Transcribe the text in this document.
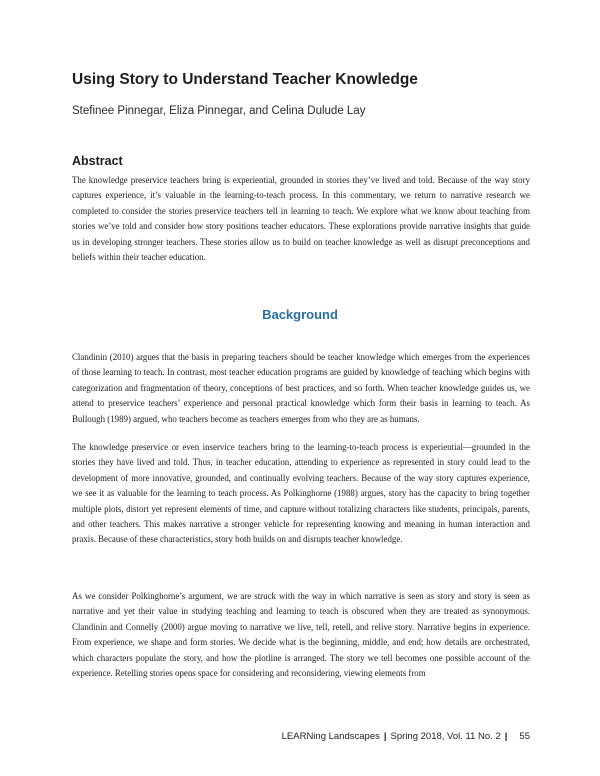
Using Story to Understand Teacher Knowledge

Stefinee Pinnegar, Eliza Pinnegar, and Celina Dulude Lay

Abstract

The knowledge preservice teachers bring is experiential, grounded in stories they’ve lived and told. Because of the way story captures experience, it’s valuable in the learning-to-teach process. In this commentary, we return to narrative research we completed to consider the stories preservice teachers tell in learning to teach. We explore what we know about teaching from stories we’ve told and consider how story positions teacher educators. These explorations provide narrative insights that guide us in developing stronger teachers. These stories allow us to build on teacher knowledge as well as disrupt preconceptions and beliefs within their teacher education.

Background

Clandinin (2010) argues that the basis in preparing teachers should be teacher knowledge which emerges from the experiences of those learning to teach. In contrast, most teacher education programs are guided by knowledge of teaching which begins with categorization and fragmentation of theory, conceptions of best practices, and so forth. When teacher knowledge guides us, we attend to preservice teachers’ experience and personal practical knowledge which form their basis in learning to teach. As Bullough (1989) argued, who teachers become as teachers emerges from who they are as humans.

The knowledge preservice or even inservice teachers bring to the learning-to-teach process is experiential—grounded in the stories they have lived and told. Thus, in teacher education, attending to experience as represented in story could lead to the development of more innovative, grounded, and continually evolving teachers. Because of the way story captures experience, we see it as valuable for the learning to teach process. As Polkinghorne (1988) argues, story has the capacity to bring together multiple plots, distort yet represent elements of time, and capture without totalizing characters like students, principals, parents, and other teachers. This makes narrative a stronger vehicle for representing knowing and meaning in human interaction and praxis. Because of these characteristics, story both builds on and disrupts teacher knowledge.

As we consider Polkinghorne’s argument, we are struck with the way in which narrative is seen as story and story is seen as narrative and yet their value in studying teaching and learning to teach is obscured when they are treated as synonymous. Clandinin and Connelly (2000) argue moving to narrative we live, tell, retell, and relive story. Narrative begins in experience. From experience, we shape and form stories. We decide what is the beginning, middle, and end; how details are orchestrated, which characters populate the story, and how the plotline is arranged. The story we tell becomes one possible account of the experience. Retelling stories opens space for considering and reconsidering, viewing elements from

LEARNing Landscapes | Spring 2018, Vol. 11 No. 2 | 55
